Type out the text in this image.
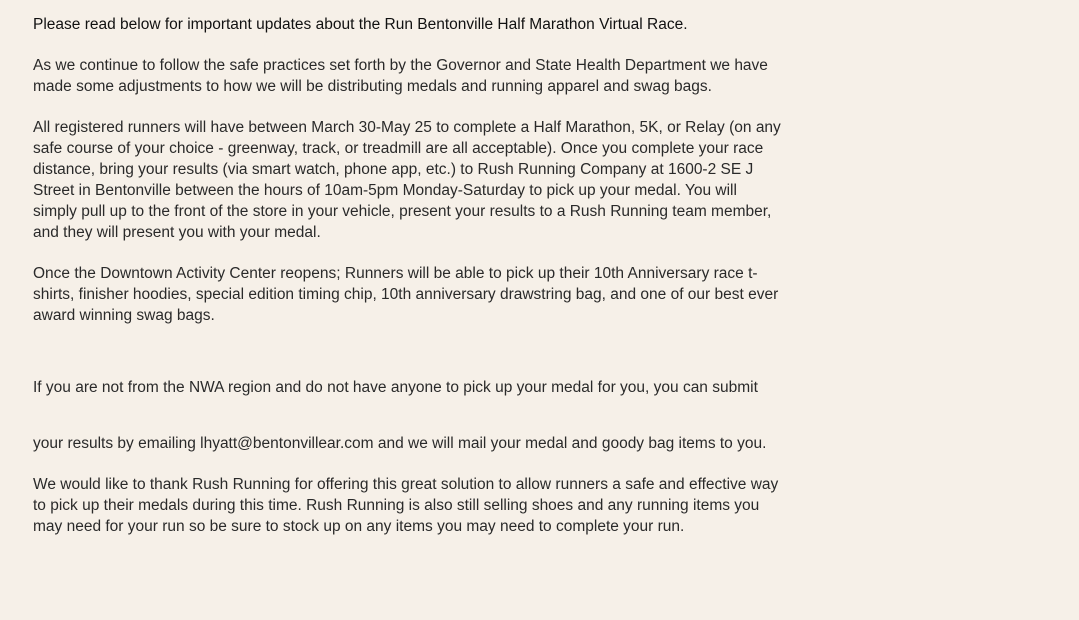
Please read below for important updates about the Run Bentonville Half Marathon Virtual Race.

As we continue to follow the safe practices set forth by the Governor and State Health Department we have
made some adjustments to how we will be distributing medals and running apparel and swag bags.

All registered runners will have between March 30-May 25 to complete a Half Marathon, 5K, or Relay (on any
safe course of your choice - greenway, track, or treadmill are all acceptable). Once you complete your race
distance, bring your results (via smart watch, phone app, etc.) to Rush Running Company at 1600-2 SE J
Street in Bentonville between the hours of 10am-5pm Monday-Saturday to pick up your medal. You will
simply pull up to the front of the store in your vehicle, present your results to a Rush Running team member,
and they will present you with your medal.

Once the Downtown Activity Center reopens; Runners will be able to pick up their 10th Anniversary race t-
shirts, finisher hoodies, special edition timing chip, 10th anniversary drawstring bag, and one of our best ever
award winning swag bags.

If you are not from the NWA region and do not have anyone to pick up your medal for you, you can submit

your results by emailing lhyatt@bentonvillear.com and we will mail your medal and goody bag items to you.

We would like to thank Rush Running for offering this great solution to allow runners a safe and effective way
to pick up their medals during this time. Rush Running is also still selling shoes and any running items you
may need for your run so be sure to stock up on any items you may need to complete your run.
